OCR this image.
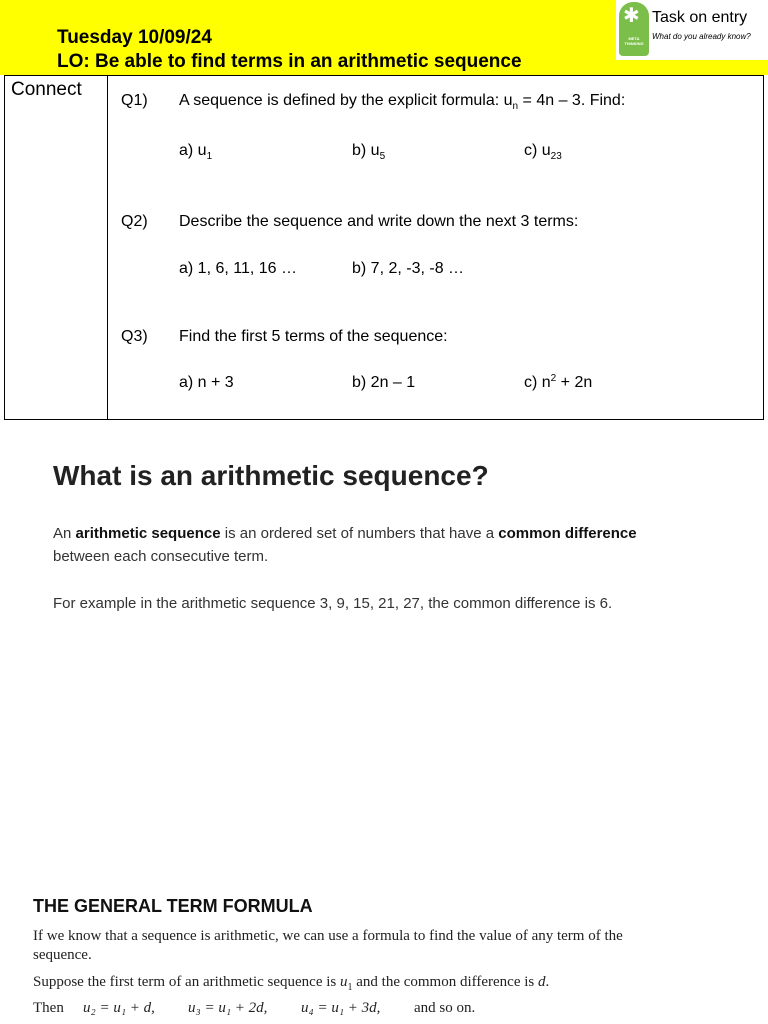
Tuesday 10/09/24
LO: Be able to find terms in an arithmetic sequence
✱
META THINKING
Task on entry
What do you already know?
Connect
Q1) A sequence is defined by the explicit formula: $u_n = 4n - 3$. Find:
a) $u_1$	b) $u_5$	c) $u_{23}$
Q2) Describe the sequence and write down the next 3 terms:
a) 1, 6, 11, 16 …	b) 7, 2, -3, -8 …
Q3) Find the first 5 terms of the sequence:
a) n + 3	b) 2n – 1	c) $n^2 + 2n$
What is an arithmetic sequence?
An arithmetic sequence is an ordered set of numbers that have a common difference
between each consecutive term.
For example in the arithmetic sequence 3, 9, 15, 21, 27, the common difference is 6.
THE GENERAL TERM FORMULA
If we know that a sequence is arithmetic, we can use a formula to find the value of any term of the
sequence.
Suppose the first term of an arithmetic sequence is $u_1$ and the common difference is d.
Then u₂ = u₁ + d, u₃ = u₁ + 2d, u₄ = u₁ + 3d, and so on.
